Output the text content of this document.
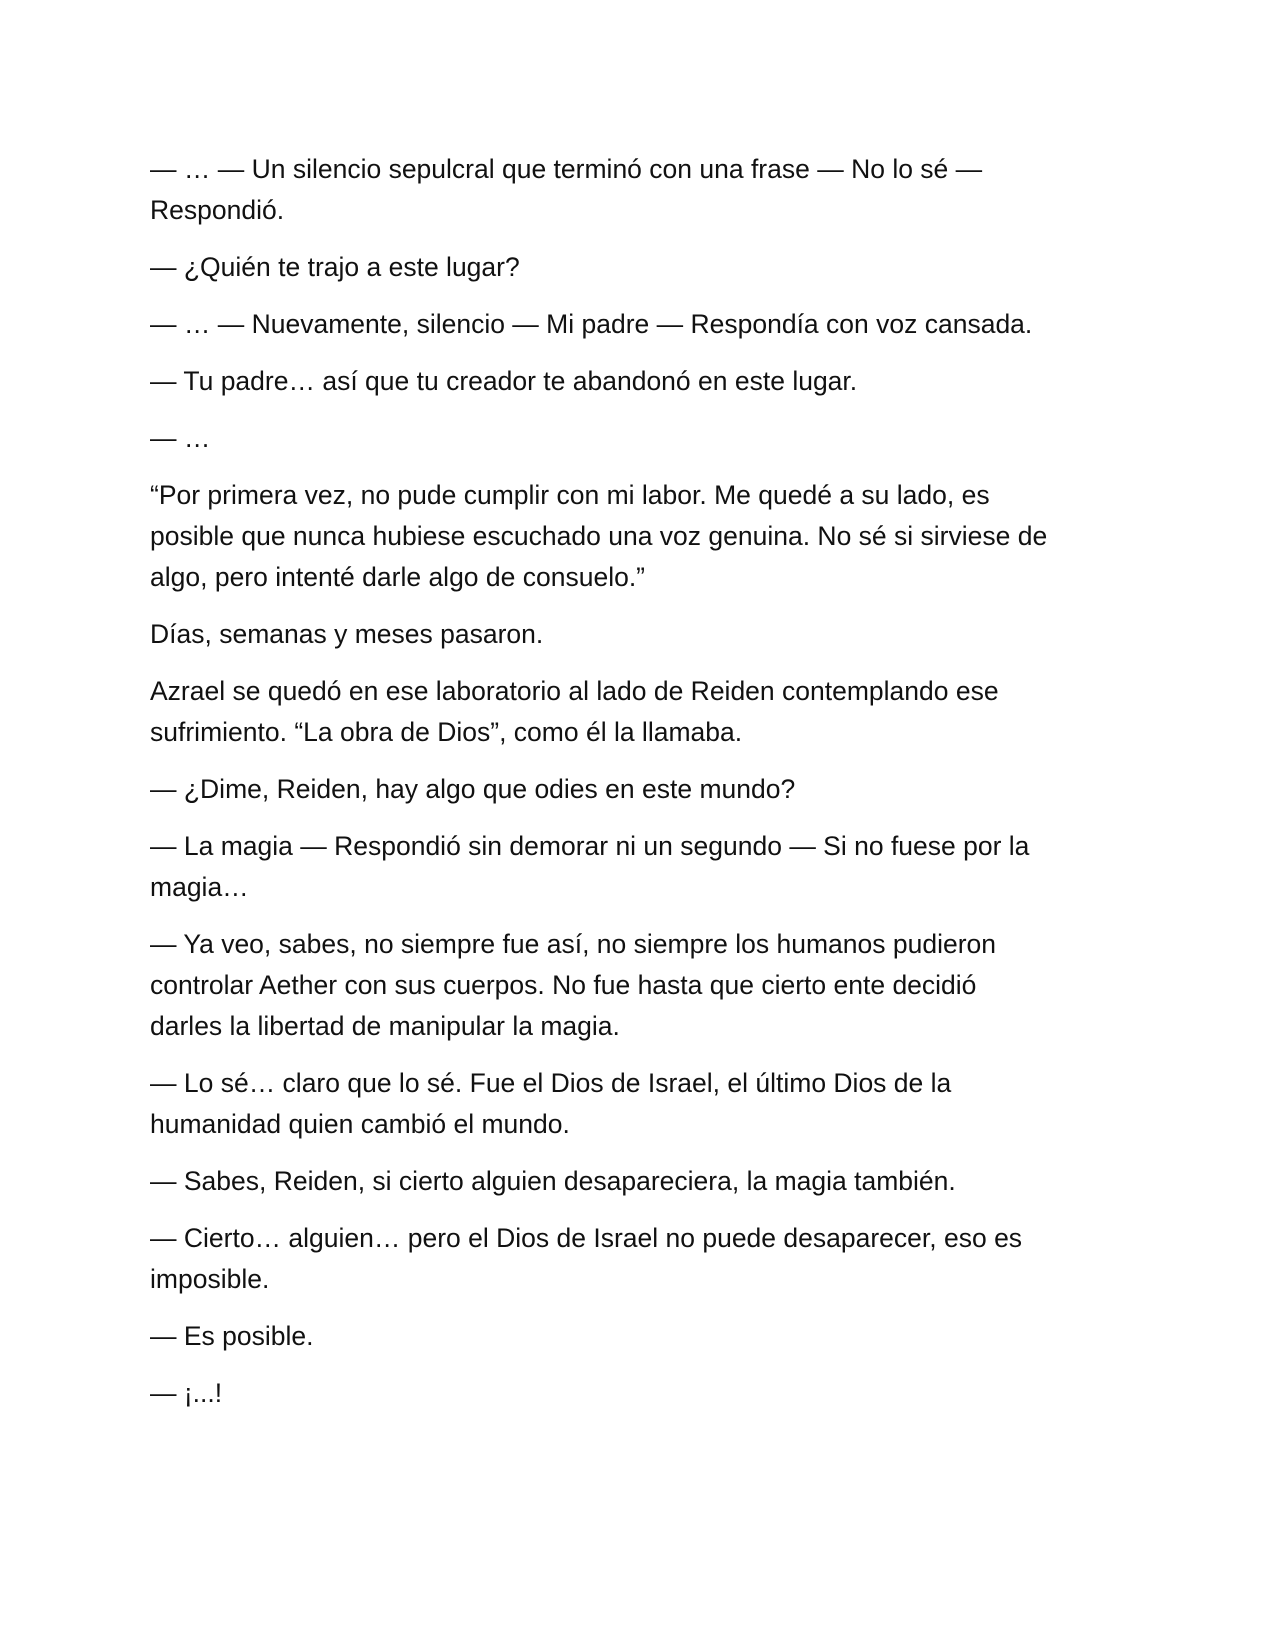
— … — Un silencio sepulcral que terminó con una frase — No lo sé —
Respondió.

— ¿Quién te trajo a este lugar?

— … — Nuevamente, silencio — Mi padre — Respondía con voz cansada.

— Tu padre… así que tu creador te abandonó en este lugar.

— …

“Por primera vez, no pude cumplir con mi labor. Me quedé a su lado, es
posible que nunca hubiese escuchado una voz genuina. No sé si sirviese de
algo, pero intenté darle algo de consuelo.”

Días, semanas y meses pasaron.

Azrael se quedó en ese laboratorio al lado de Reiden contemplando ese
sufrimiento. “La obra de Dios”, como él la llamaba.

— ¿Dime, Reiden, hay algo que odies en este mundo?

— La magia — Respondió sin demorar ni un segundo — Si no fuese por la
magia…

— Ya veo, sabes, no siempre fue así, no siempre los humanos pudieron
controlar Aether con sus cuerpos. No fue hasta que cierto ente decidió
darles la libertad de manipular la magia.

— Lo sé… claro que lo sé. Fue el Dios de Israel, el último Dios de la
humanidad quien cambió el mundo.

— Sabes, Reiden, si cierto alguien desapareciera, la magia también.

— Cierto… alguien… pero el Dios de Israel no puede desaparecer, eso es
imposible.

— Es posible.

— ¡...!
